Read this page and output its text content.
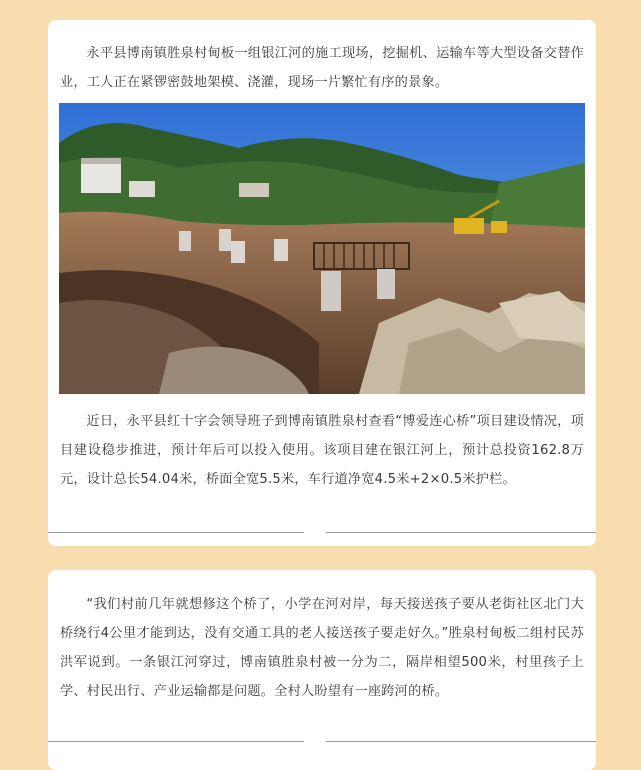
永平县博南镇胜泉村甸板一组银江河的施工现场，挖掘机、运输车等大型设备交替作业，工人正在紧锣密鼓地架模、浇灌，现场一片繁忙有序的景象。

近日，永平县红十字会领导班子到博南镇胜泉村查看“博爱连心桥”项目建设情况，项目建设稳步推进，预计年后可以投入使用。该项目建在银江河上，预计总投资162.8万元，设计总长54.04米，桥面全宽5.5米，车行道净宽4.5米+2×0.5米护栏。

“我们村前几年就想修这个桥了，小学在河对岸，每天接送孩子要从老街社区北门大桥绕行4公里才能到达，没有交通工具的老人接送孩子要走好久。”胜泉村甸板二组村民苏洪军说到。一条银江河穿过，博南镇胜泉村被一分为二，隔岸相望500米，村里孩子上学、村民出行、产业运输都是问题。全村人盼望有一座跨河的桥。
